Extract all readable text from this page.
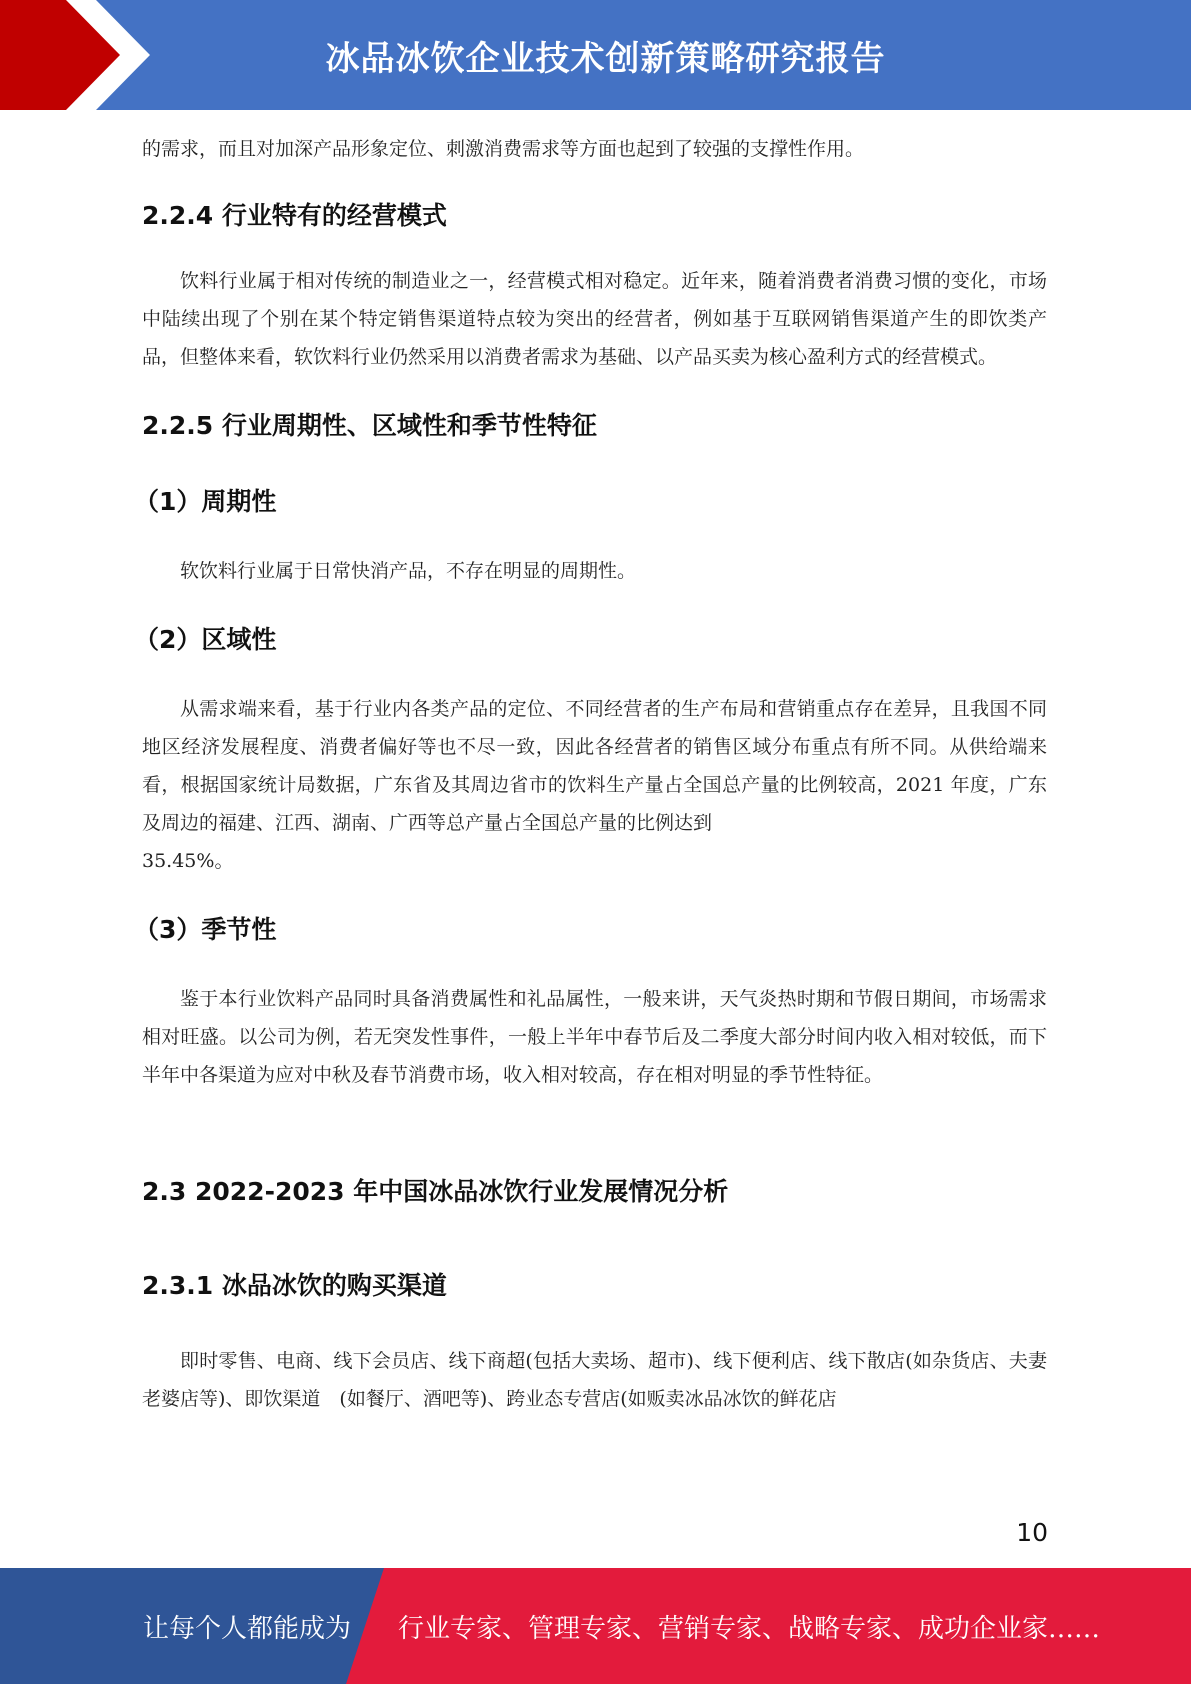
冰品冰饮企业技术创新策略研究报告

的需求，而且对加深产品形象定位、刺激消费需求等方面也起到了较强的支撑性作用。

2.2.4 行业特有的经营模式

饮料行业属于相对传统的制造业之一，经营模式相对稳定。近年来，随着消费者消费习惯的变化，市场中陆续出现了个别在某个特定销售渠道特点较为突出的经营者，例如基于互联网销售渠道产生的即饮类产品，但整体来看，软饮料行业仍然采用以消费者需求为基础、以产品买卖为核心盈利方式的经营模式。

2.2.5 行业周期性、区域性和季节性特征
（1）周期性

软饮料行业属于日常快消产品，不存在明显的周期性。

（2）区域性

从需求端来看，基于行业内各类产品的定位、不同经营者的生产布局和营销重点存在差异，且我国不同地区经济发展程度、消费者偏好等也不尽一致，因此各经营者的销售区域分布重点有所不同。从供给端来看，根据国家统计局数据，广东省及其周边省市的饮料生产量占全国总产量的比例较高，2021 年度，广东及周边的福建、江西、湖南、广西等总产量占全国总产量的比例达到

35.45%。

（3）季节性

鉴于本行业饮料产品同时具备消费属性和礼品属性，一般来讲，天气炎热时期和节假日期间，市场需求相对旺盛。以公司为例，若无突发性事件，一般上半年中春节后及二季度大部分时间内收入相对较低，而下半年中各渠道为应对中秋及春节消费市场，收入相对较高，存在相对明显的季节性特征。

2.3 2022-2023 年中国冰品冰饮行业发展情况分析
2.3.1 冰品冰饮的购买渠道

即时零售、电商、线下会员店、线下商超(包括大卖场、超市)、线下便利店、线下散店(如杂货店、夫妻老婆店等)、即饮渠道　(如餐厅、酒吧等)、跨业态专营店(如贩卖冰品冰饮的鲜花店

10
让每个人都能成为 行业专家、管理专家、营销专家、战略专家、成功企业家……
